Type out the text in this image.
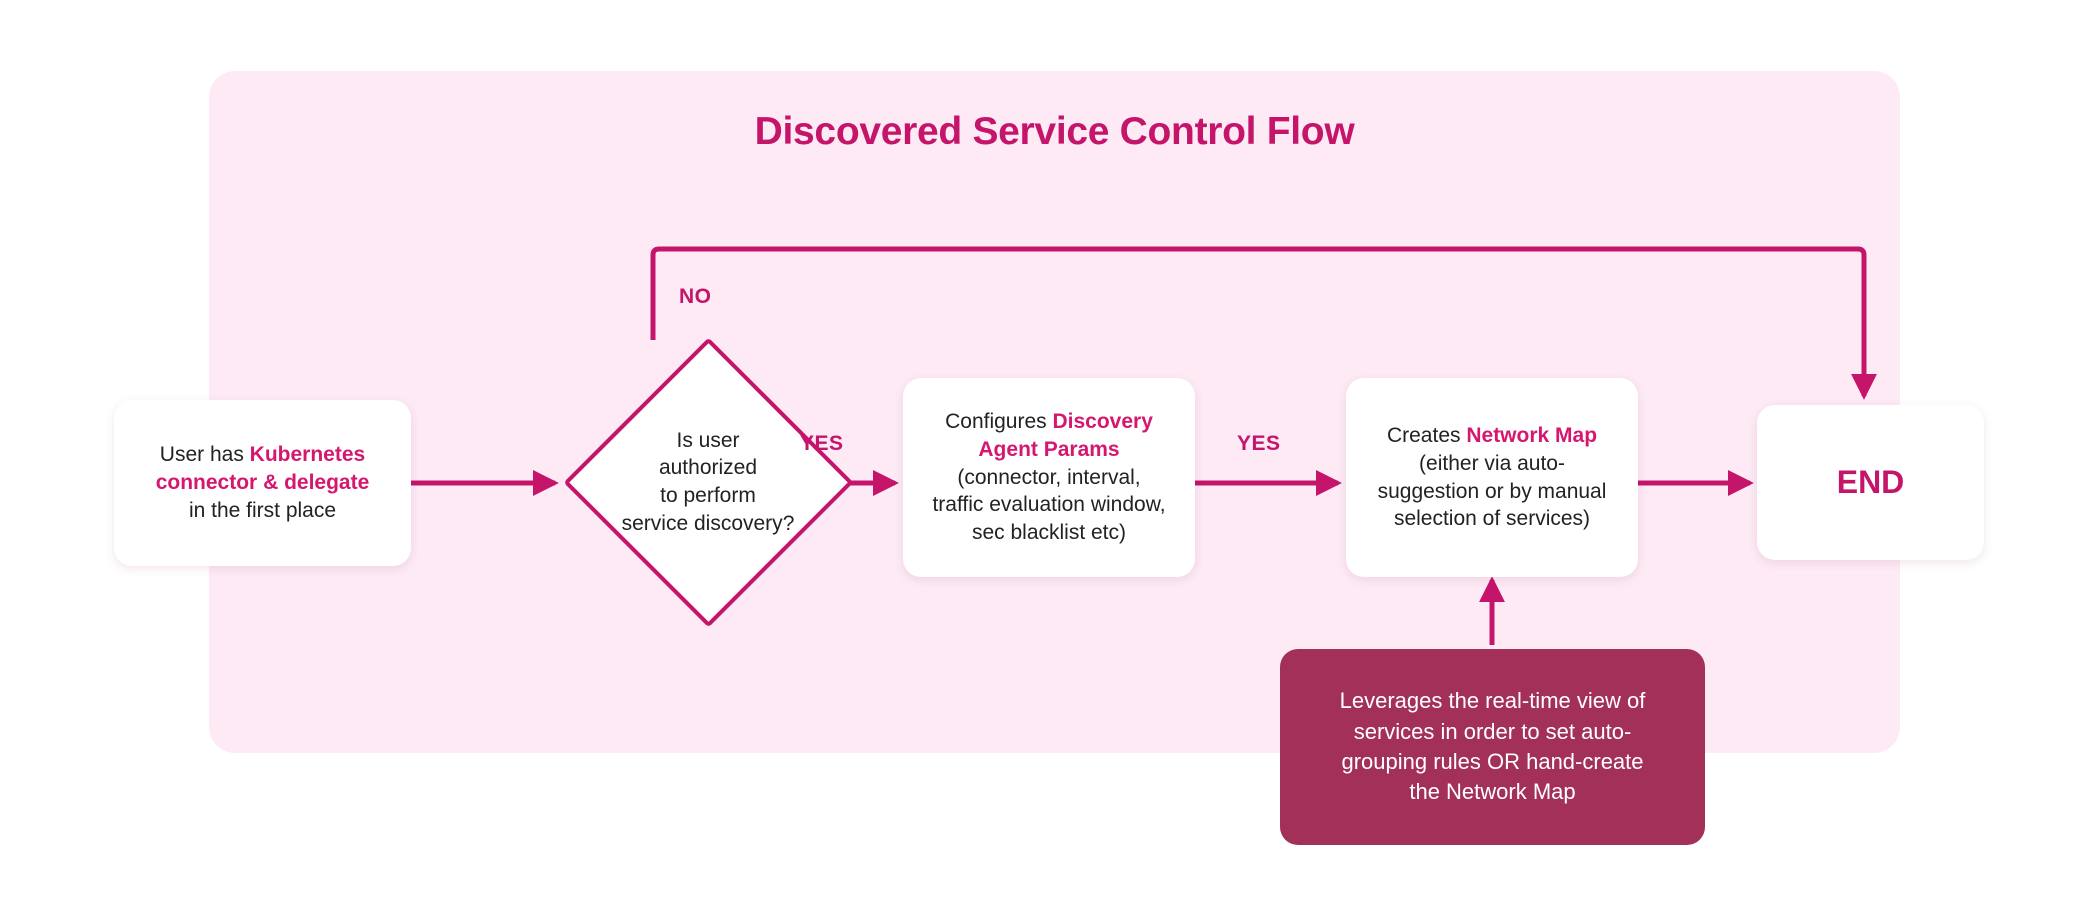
Discovered Service Control Flow
User has Kubernetes
connector & delegate
in the first place
Is user
authorized
to perform
service discovery?
Configures Discovery
Agent Params
(connector, interval,
traffic evaluation window,
sec blacklist etc)
Creates Network Map
(either via auto-
suggestion or by manual
selection of services)
END
Leverages the real-time view of
services in order to set auto-
grouping rules OR hand-create
the Network Map
NO
YES	YES
